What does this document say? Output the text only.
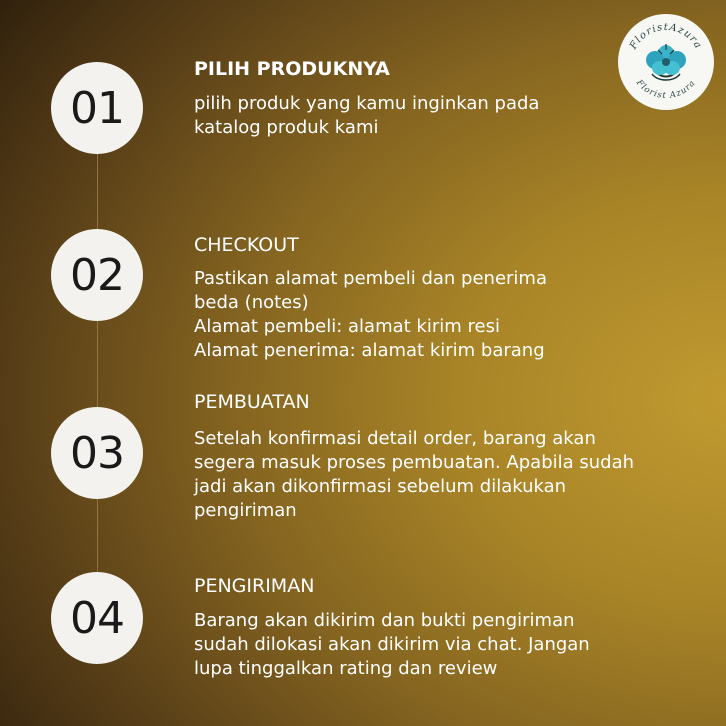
01
PILIH PRODUKNYA
pilih produk yang kamu inginkan pada
katalog produk kami
02
CHECKOUT
Pastikan alamat pembeli dan penerima
beda (notes)
Alamat pembeli: alamat kirim resi
Alamat penerima: alamat kirim barang
03
PEMBUATAN
Setelah konfirmasi detail order, barang akan
segera masuk proses pembuatan. Apabila sudah
jadi akan dikonfirmasi sebelum dilakukan
pengiriman
04
PENGIRIMAN
Barang akan dikirim dan bukti pengiriman
sudah dilokasi akan dikirim via chat. Jangan
lupa tinggalkan rating dan review
FloristAzura
Florist Azura
